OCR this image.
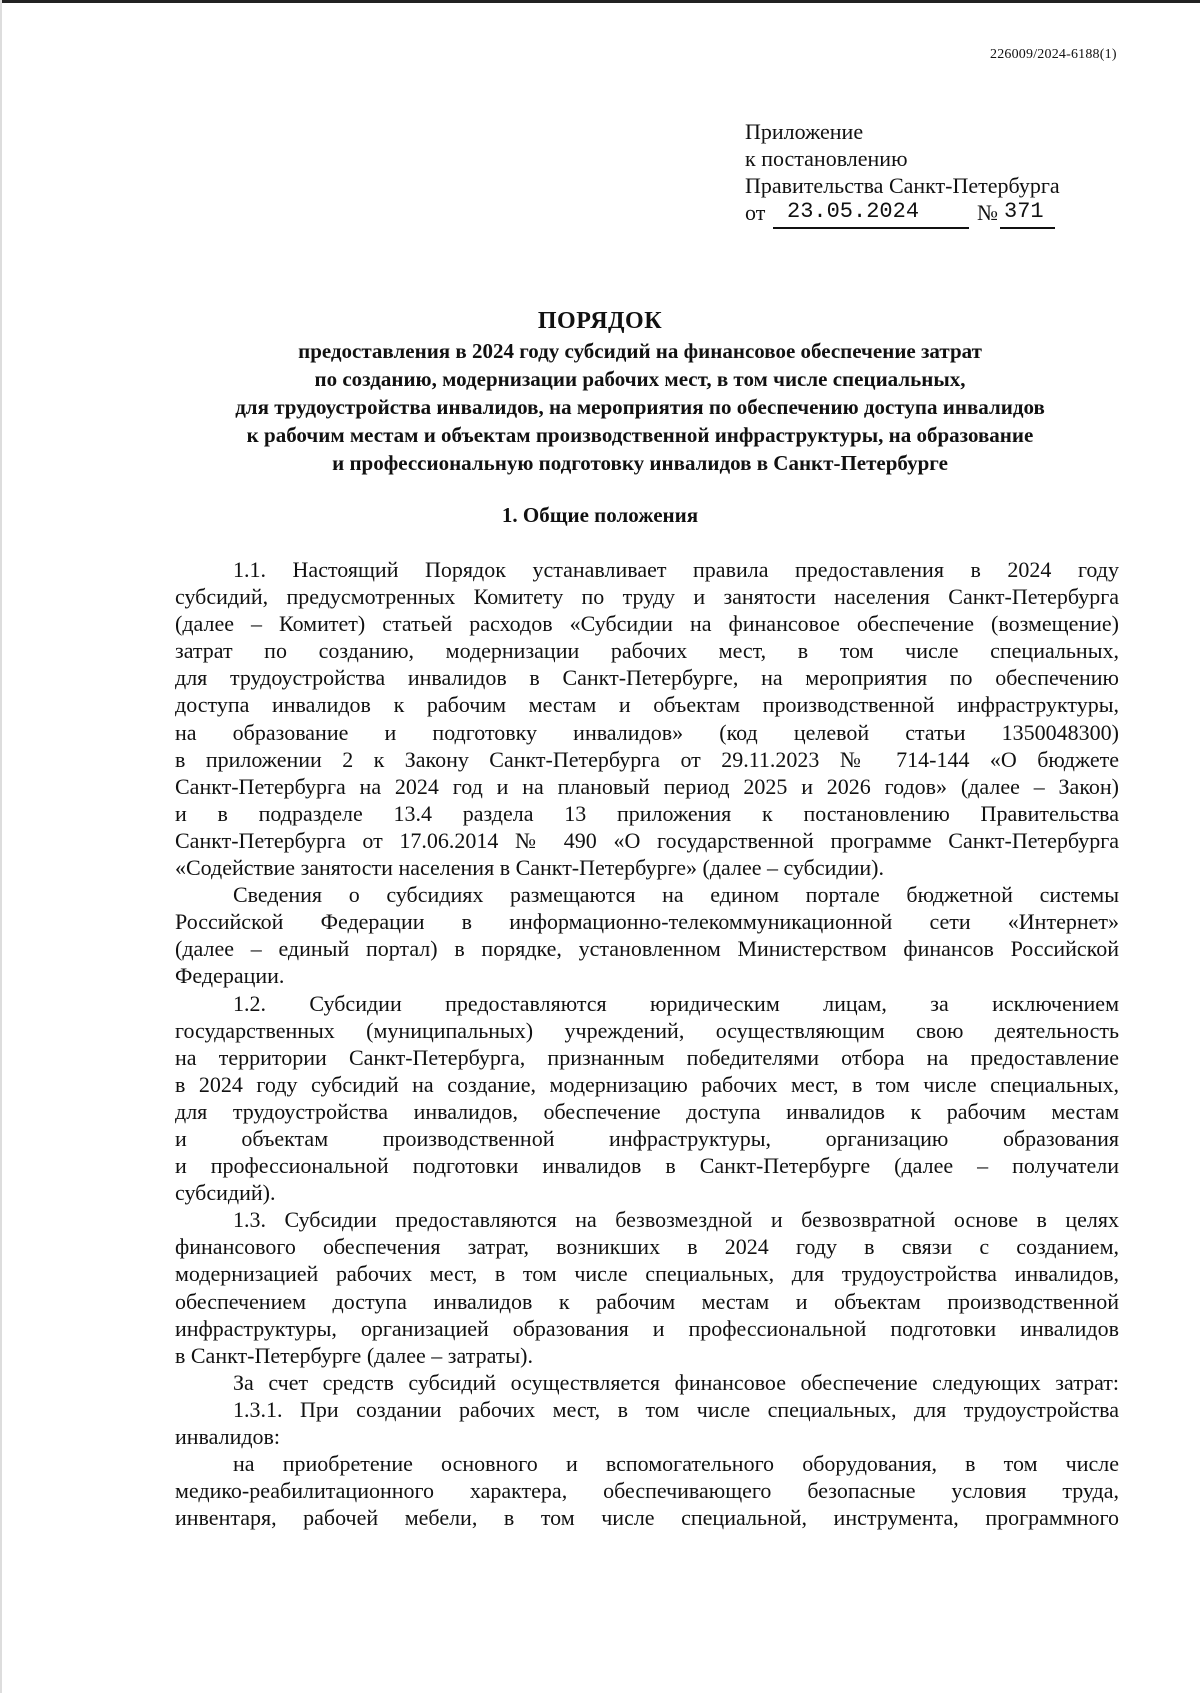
226009/2024-6188(1)
Приложение
к постановлению
Правительства Санкт-Петербурга
от 23.05.2024	№ 371
ПОРЯДОК
предоставления в 2024 году субсидий на финансовое обеспечение затрат
по созданию, модернизации рабочих мест, в том числе специальных,
для трудоустройства инвалидов, на мероприятия по обеспечению доступа инвалидов
к рабочим местам и объектам производственной инфраструктуры, на образование
и профессиональную подготовку инвалидов в Санкт-Петербурге
1. Общие положения
1.1. Настоящий Порядок устанавливает правила предоставления в 2024 году
субсидий, предусмотренных Комитету по труду и занятости населения Санкт-Петербурга
(далее – Комитет) статьей расходов «Субсидии на финансовое обеспечение (возмещение)
затрат по созданию, модернизации рабочих мест, в том числе специальных,
для трудоустройства инвалидов в Санкт-Петербурге, на мероприятия по обеспечению
доступа инвалидов к рабочим местам и объектам производственной инфраструктуры,
на образование и подготовку инвалидов» (код целевой статьи 1350048300)
в приложении 2 к Закону Санкт-Петербурга от 29.11.2023 № 714-144 «О бюджете
Санкт-Петербурга на 2024 год и на плановый период 2025 и 2026 годов» (далее – Закон)
и в подразделе 13.4 раздела 13 приложения к постановлению Правительства
Санкт-Петербурга от 17.06.2014 № 490 «О государственной программе Санкт-Петербурга
«Содействие занятости населения в Санкт-Петербурге» (далее – субсидии).
Сведения о субсидиях размещаются на едином портале бюджетной системы
Российской Федерации в информационно-телекоммуникационной сети «Интернет»
(далее – единый портал) в порядке, установленном Министерством финансов Российской
Федерации.
1.2. Субсидии предоставляются юридическим лицам, за исключением
государственных (муниципальных) учреждений, осуществляющим свою деятельность
на территории Санкт-Петербурга, признанным победителями отбора на предоставление
в 2024 году субсидий на создание, модернизацию рабочих мест, в том числе специальных,
для трудоустройства инвалидов, обеспечение доступа инвалидов к рабочим местам
и объектам производственной инфраструктуры, организацию образования
и профессиональной подготовки инвалидов в Санкт-Петербурге (далее – получатели
субсидий).
1.3. Субсидии предоставляются на безвозмездной и безвозвратной основе в целях
финансового обеспечения затрат, возникших в 2024 году в связи с созданием,
модернизацией рабочих мест, в том числе специальных, для трудоустройства инвалидов,
обеспечением доступа инвалидов к рабочим местам и объектам производственной
инфраструктуры, организацией образования и профессиональной подготовки инвалидов
в Санкт-Петербурге (далее – затраты).
За счет средств субсидий осуществляется финансовое обеспечение следующих затрат:
1.3.1. При создании рабочих мест, в том числе специальных, для трудоустройства
инвалидов:
на приобретение основного и вспомогательного оборудования, в том числе
медико-реабилитационного характера, обеспечивающего безопасные условия труда,
инвентаря, рабочей мебели, в том числе специальной, инструмента, программного
